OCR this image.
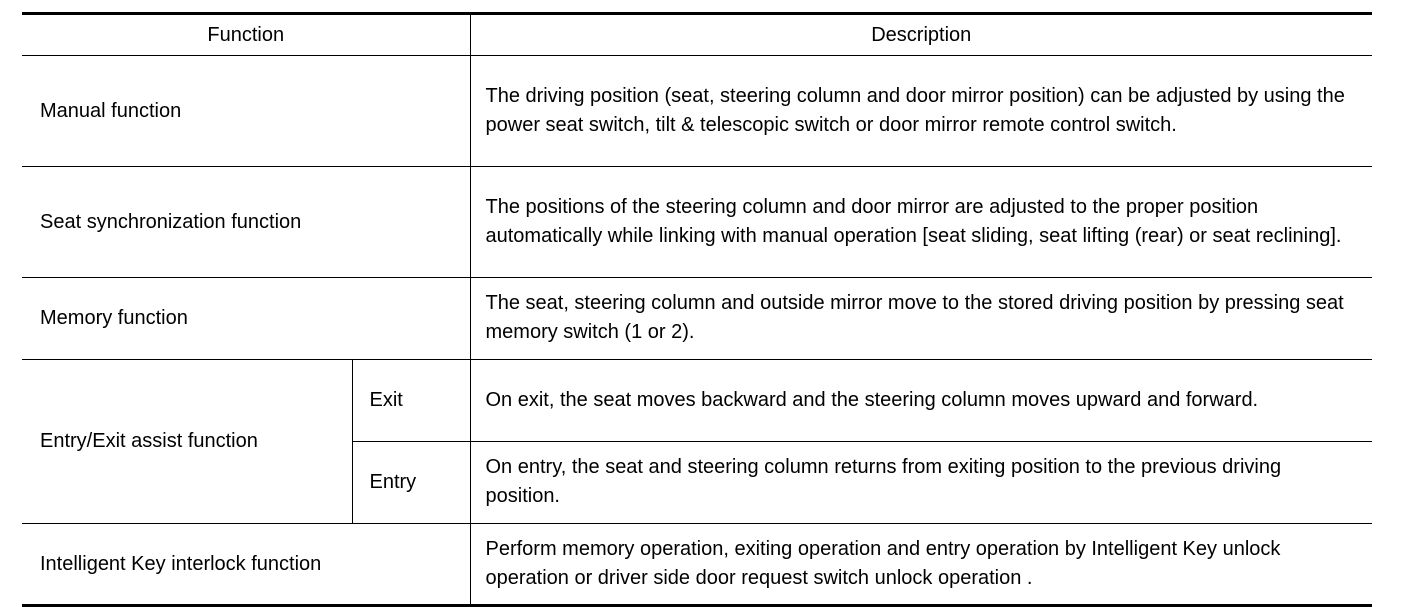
Function		Description
Manual function		The driving position (seat, steering column and door mirror position) can be adjusted by using the power seat switch, tilt & telescopic switch or door mirror remote control switch.
Seat synchronization function		The positions of the steering column and door mirror are adjusted to the proper position automatically while linking with manual operation [seat sliding, seat lifting (rear) or seat reclining].
Memory function		The seat, steering column and outside mirror move to the stored driving position by pressing seat memory switch (1 or 2).
Entry/Exit assist function	Exit	On exit, the seat moves backward and the steering column moves upward and forward.
	Entry	On entry, the seat and steering column returns from exiting position to the previous driving position.
Intelligent Key interlock function		Perform memory operation, exiting operation and entry operation by Intelligent Key unlock operation or driver side door request switch unlock operation .
